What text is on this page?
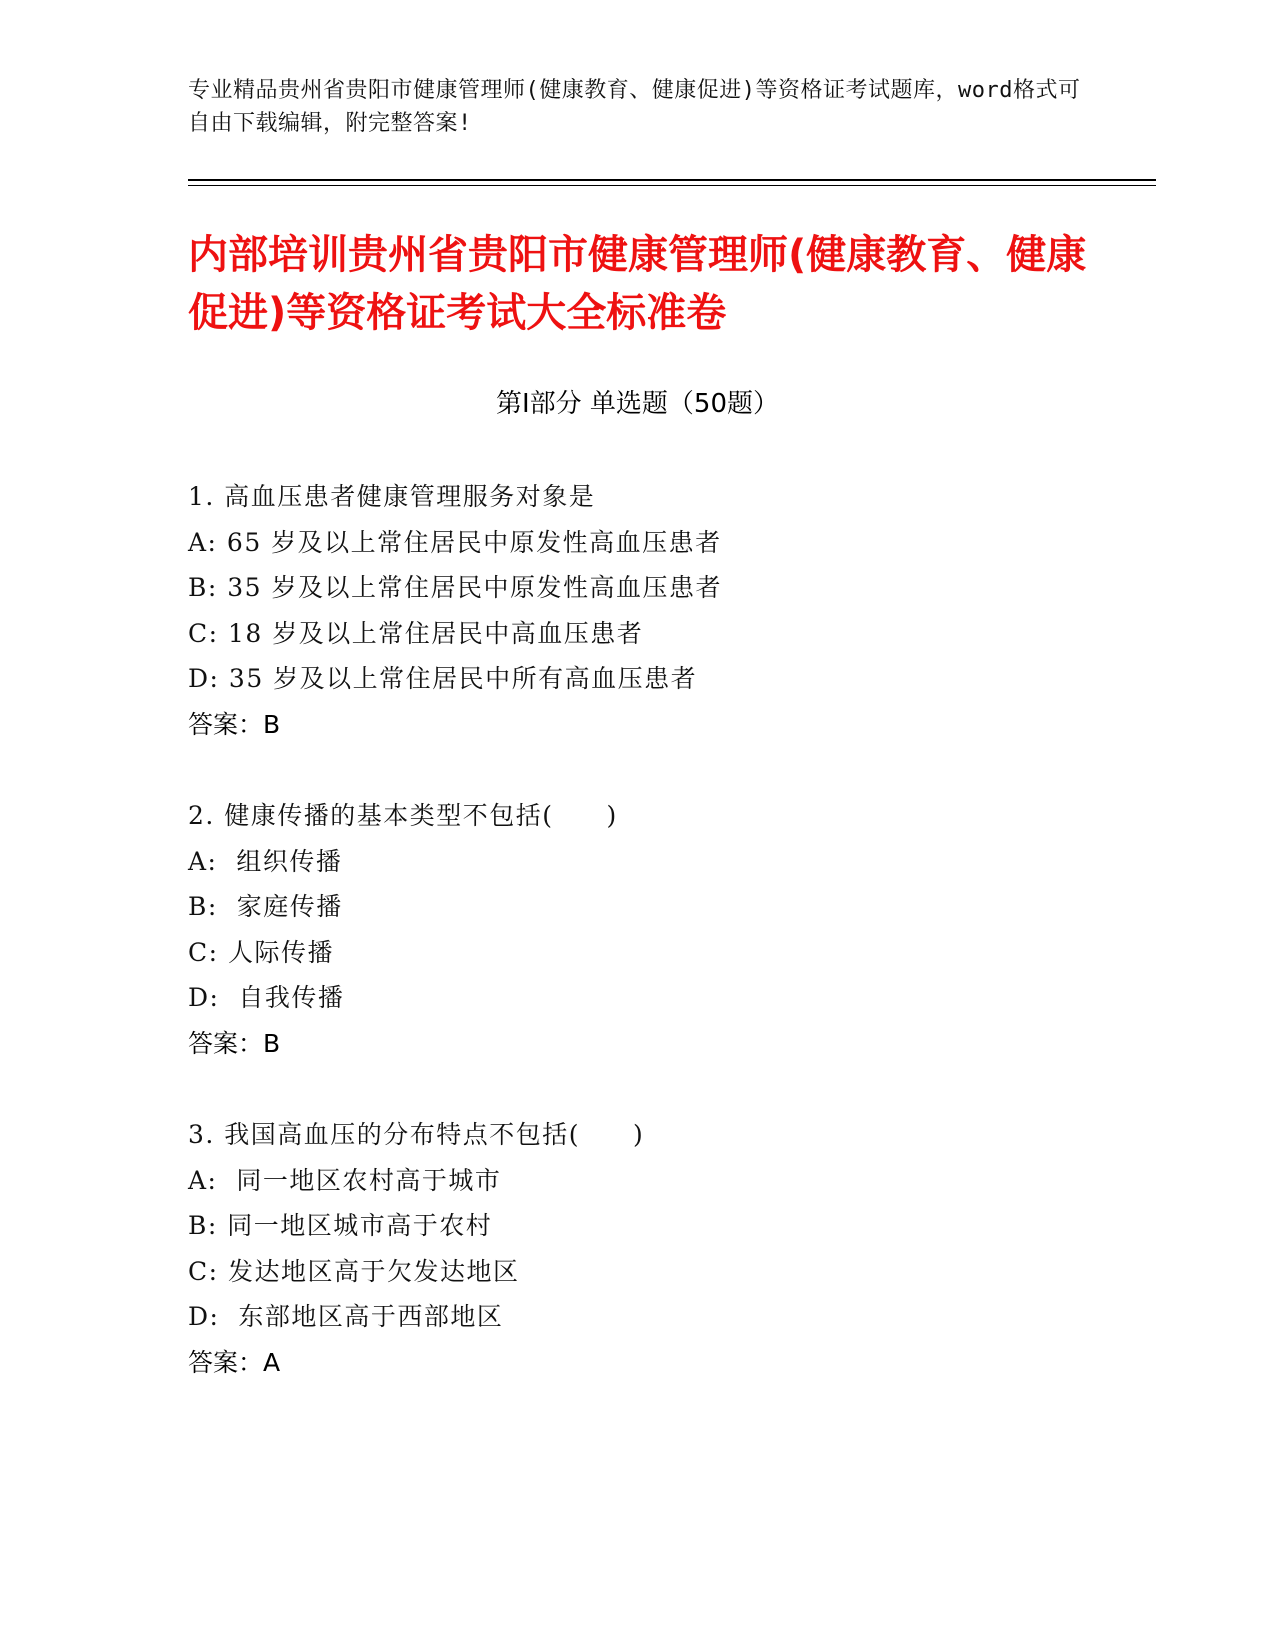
专业精品贵州省贵阳市健康管理师(健康教育、健康促进)等资格证考试题库，word格式可自由下载编辑，附完整答案!
内部培训贵州省贵阳市健康管理师(健康教育、健康促进)等资格证考试大全标准卷
第Ⅰ部分 单选题（50题）
1. 高血压患者健康管理服务对象是
A: 65 岁及以上常住居民中原发性高血压患者
B: 35 岁及以上常住居民中原发性高血压患者
C: 18 岁及以上常住居民中高血压患者
D: 35 岁及以上常住居民中所有高血压患者
答案：B
2. 健康传播的基本类型不包括(　　)
A:  组织传播
B:  家庭传播
C: 人际传播
D:  自我传播
答案：B
3. 我国高血压的分布特点不包括(　　)
A:  同一地区农村高于城市
B: 同一地区城市高于农村
C: 发达地区高于欠发达地区
D:  东部地区高于西部地区
答案：A
